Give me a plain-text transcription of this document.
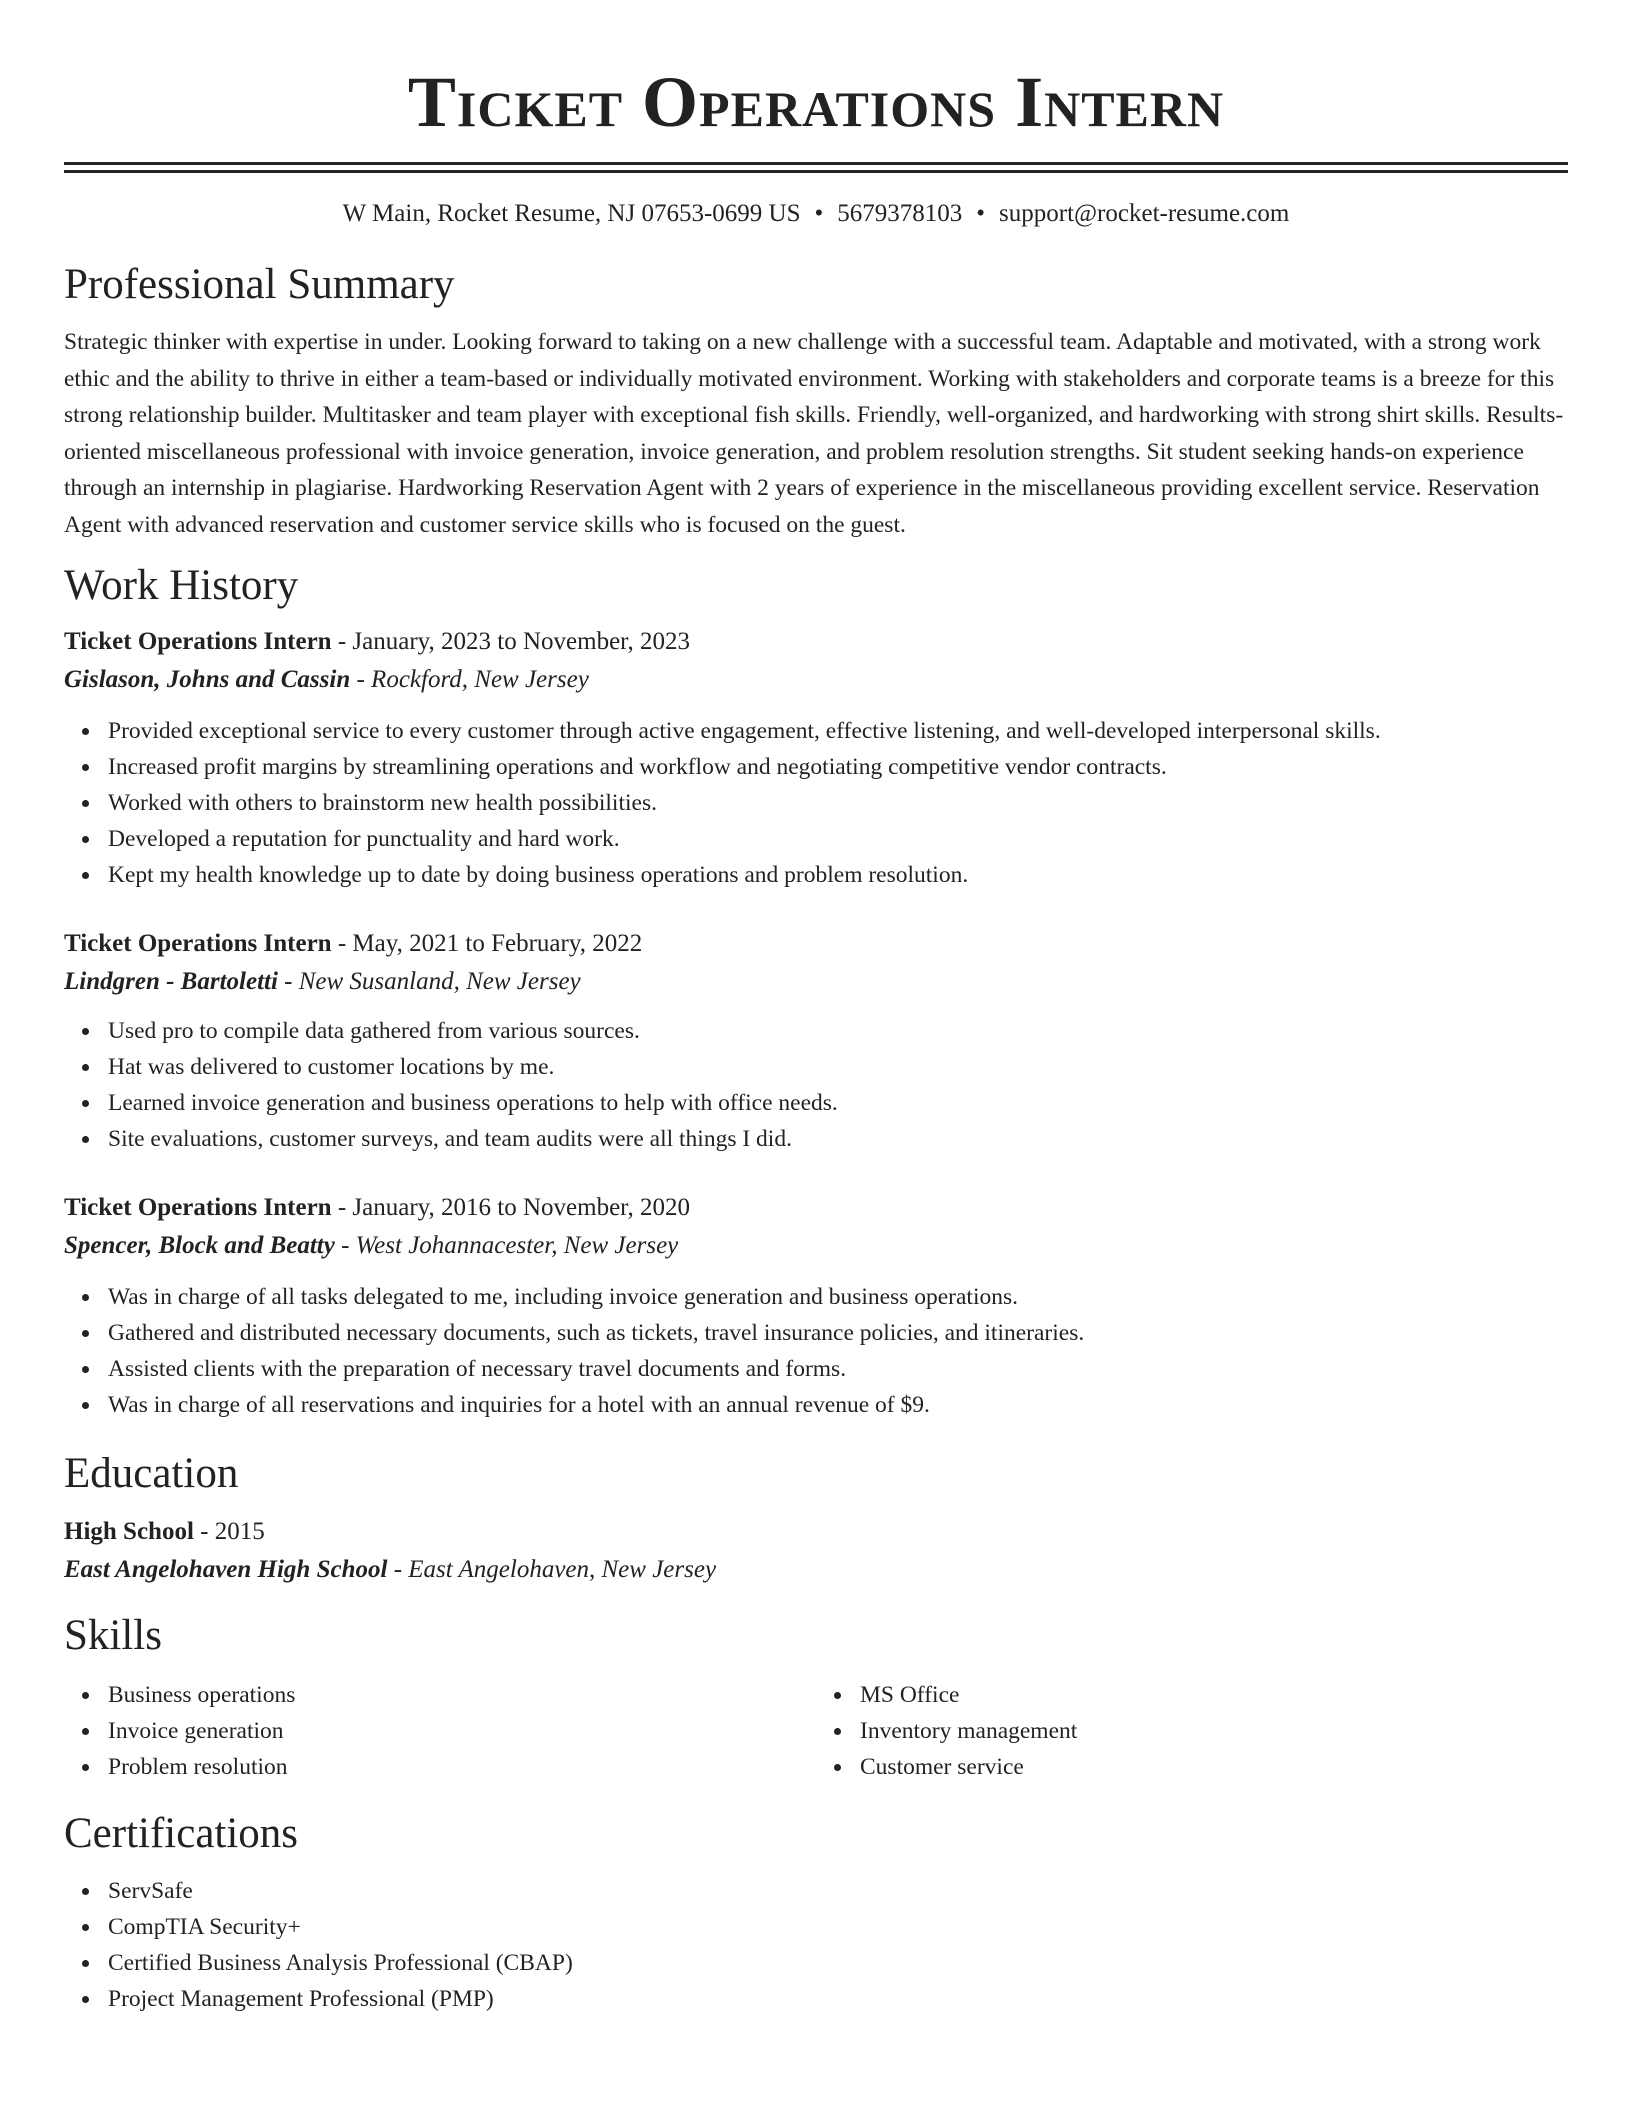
Ticket Operations Intern
W Main, Rocket Resume, NJ 07653-0699 US • 5679378103 • support@rocket-resume.com
Professional Summary

Strategic thinker with expertise in under. Looking forward to taking on a new challenge with a successful team. Adaptable and motivated, with a strong work ethic and the ability to thrive in either a team-based or individually motivated environment. Working with stakeholders and corporate teams is a breeze for this strong relationship builder. Multitasker and team player with exceptional fish skills. Friendly, well-organized, and hardworking with strong shirt skills. Results-oriented miscellaneous professional with invoice generation, invoice generation, and problem resolution strengths. Sit student seeking hands-on experience through an internship in plagiarise. Hardworking Reservation Agent with 2 years of experience in the miscellaneous providing excellent service. Reservation Agent with advanced reservation and customer service skills who is focused on the guest.

Work History
Ticket Operations Intern - January, 2023 to November, 2023
Gislason, Johns and Cassin - Rockford, New Jersey
Provided exceptional service to every customer through active engagement, effective listening, and well-developed interpersonal skills.
Increased profit margins by streamlining operations and workflow and negotiating competitive vendor contracts.
Worked with others to brainstorm new health possibilities.
Developed a reputation for punctuality and hard work.
Kept my health knowledge up to date by doing business operations and problem resolution.
Ticket Operations Intern - May, 2021 to February, 2022
Lindgren - Bartoletti - New Susanland, New Jersey
Used pro to compile data gathered from various sources.
Hat was delivered to customer locations by me.
Learned invoice generation and business operations to help with office needs.
Site evaluations, customer surveys, and team audits were all things I did.
Ticket Operations Intern - January, 2016 to November, 2020
Spencer, Block and Beatty - West Johannacester, New Jersey
Was in charge of all tasks delegated to me, including invoice generation and business operations.
Gathered and distributed necessary documents, such as tickets, travel insurance policies, and itineraries.
Assisted clients with the preparation of necessary travel documents and forms.
Was in charge of all reservations and inquiries for a hotel with an annual revenue of $9.
Education
High School - 2015
East Angelohaven High School - East Angelohaven, New Jersey
Skills
Business operations
Invoice generation
Problem resolution
MS Office
Inventory management
Customer service
Certifications
ServSafe
CompTIA Security+
Certified Business Analysis Professional (CBAP)
Project Management Professional (PMP)
